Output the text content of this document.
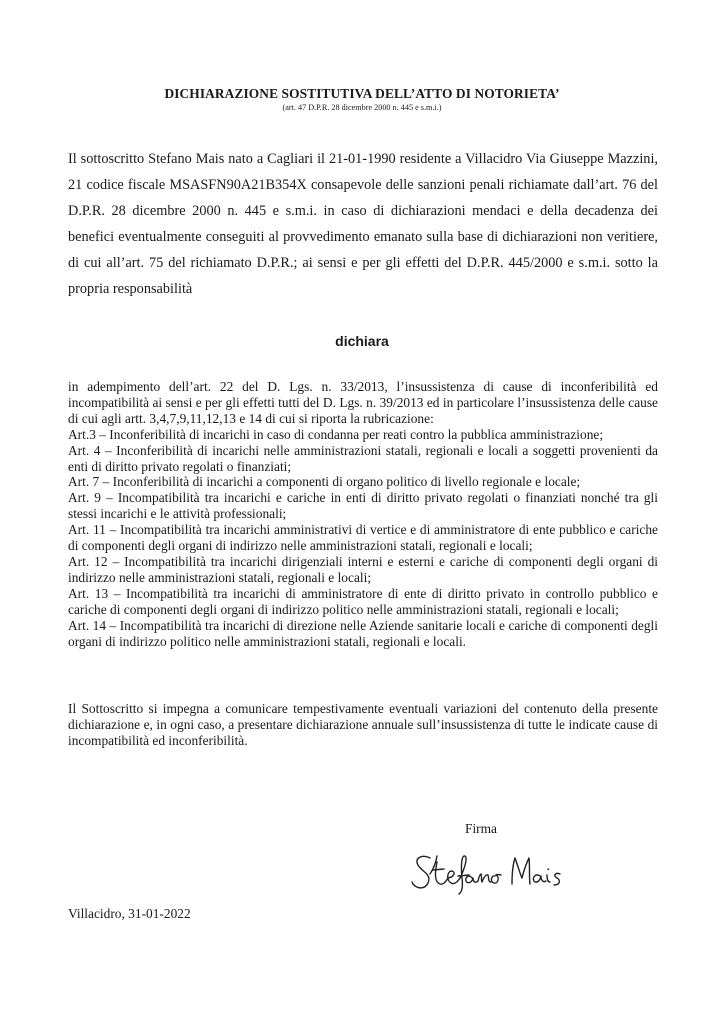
DICHIARAZIONE SOSTITUTIVA DELL’ATTO DI NOTORIETA’
(art. 47 D.P.R. 28 dicembre 2000 n. 445 e s.m.i.)
Il sottoscritto Stefano Mais nato a Cagliari il 21-01-1990 residente a Villacidro Via Giuseppe Mazzini, 21 codice fiscale MSASFN90A21B354X consapevole delle sanzioni penali richiamate dall’art. 76 del D.P.R. 28 dicembre 2000 n. 445 e s.m.i. in caso di dichiarazioni mendaci e della decadenza dei benefici eventualmente conseguiti al provvedimento emanato sulla base di dichiarazioni non veritiere, di cui all’art. 75 del richiamato D.P.R.; ai sensi e per gli effetti del D.P.R. 445/2000 e s.m.i. sotto la propria responsabilità
dichiara

in adempimento dell’art. 22 del D. Lgs. n. 33/2013, l’insussistenza di cause di inconferibilità ed incompatibilità ai sensi e per gli effetti tutti del D. Lgs. n. 39/2013 ed in particolare l’insussistenza delle cause di cui agli artt. 3,4,7,9,11,12,13 e 14 di cui si riporta la rubricazione:

Art.3 – Inconferibilità di incarichi in caso di condanna per reati contro la pubblica amministrazione;

Art. 4 – Inconferibilità di incarichi nelle amministrazioni statali, regionali e locali a soggetti provenienti da enti di diritto privato regolati o finanziati;

Art. 7 – Inconferibilità di incarichi a componenti di organo politico di livello regionale e locale;

Art. 9 – Incompatibilità tra incarichi e cariche in enti di diritto privato regolati o finanziati nonché tra gli stessi incarichi e le attività professionali;

Art. 11 – Incompatibilità tra incarichi amministrativi di vertice e di amministratore di ente pubblico e cariche di componenti degli organi di indirizzo nelle amministrazioni statali, regionali e locali;

Art. 12 – Incompatibilità tra incarichi dirigenziali interni e esterni e cariche di componenti degli organi di indirizzo nelle amministrazioni statali, regionali e locali;

Art. 13 – Incompatibilità tra incarichi di amministratore di ente di diritto privato in controllo pubblico e cariche di componenti degli organi di indirizzo politico nelle amministrazioni statali, regionali e locali;

Art. 14 – Incompatibilità tra incarichi di direzione nelle Aziende sanitarie locali e cariche di componenti degli organi di indirizzo politico nelle amministrazioni statali, regionali e locali.

Il Sottoscritto si impegna a comunicare tempestivamente eventuali variazioni del contenuto della presente dichiarazione e, in ogni caso, a presentare dichiarazione annuale sull’insussistenza di tutte le indicate cause di incompatibilità ed inconferibilità.
Firma
Villacidro, 31-01-2022
